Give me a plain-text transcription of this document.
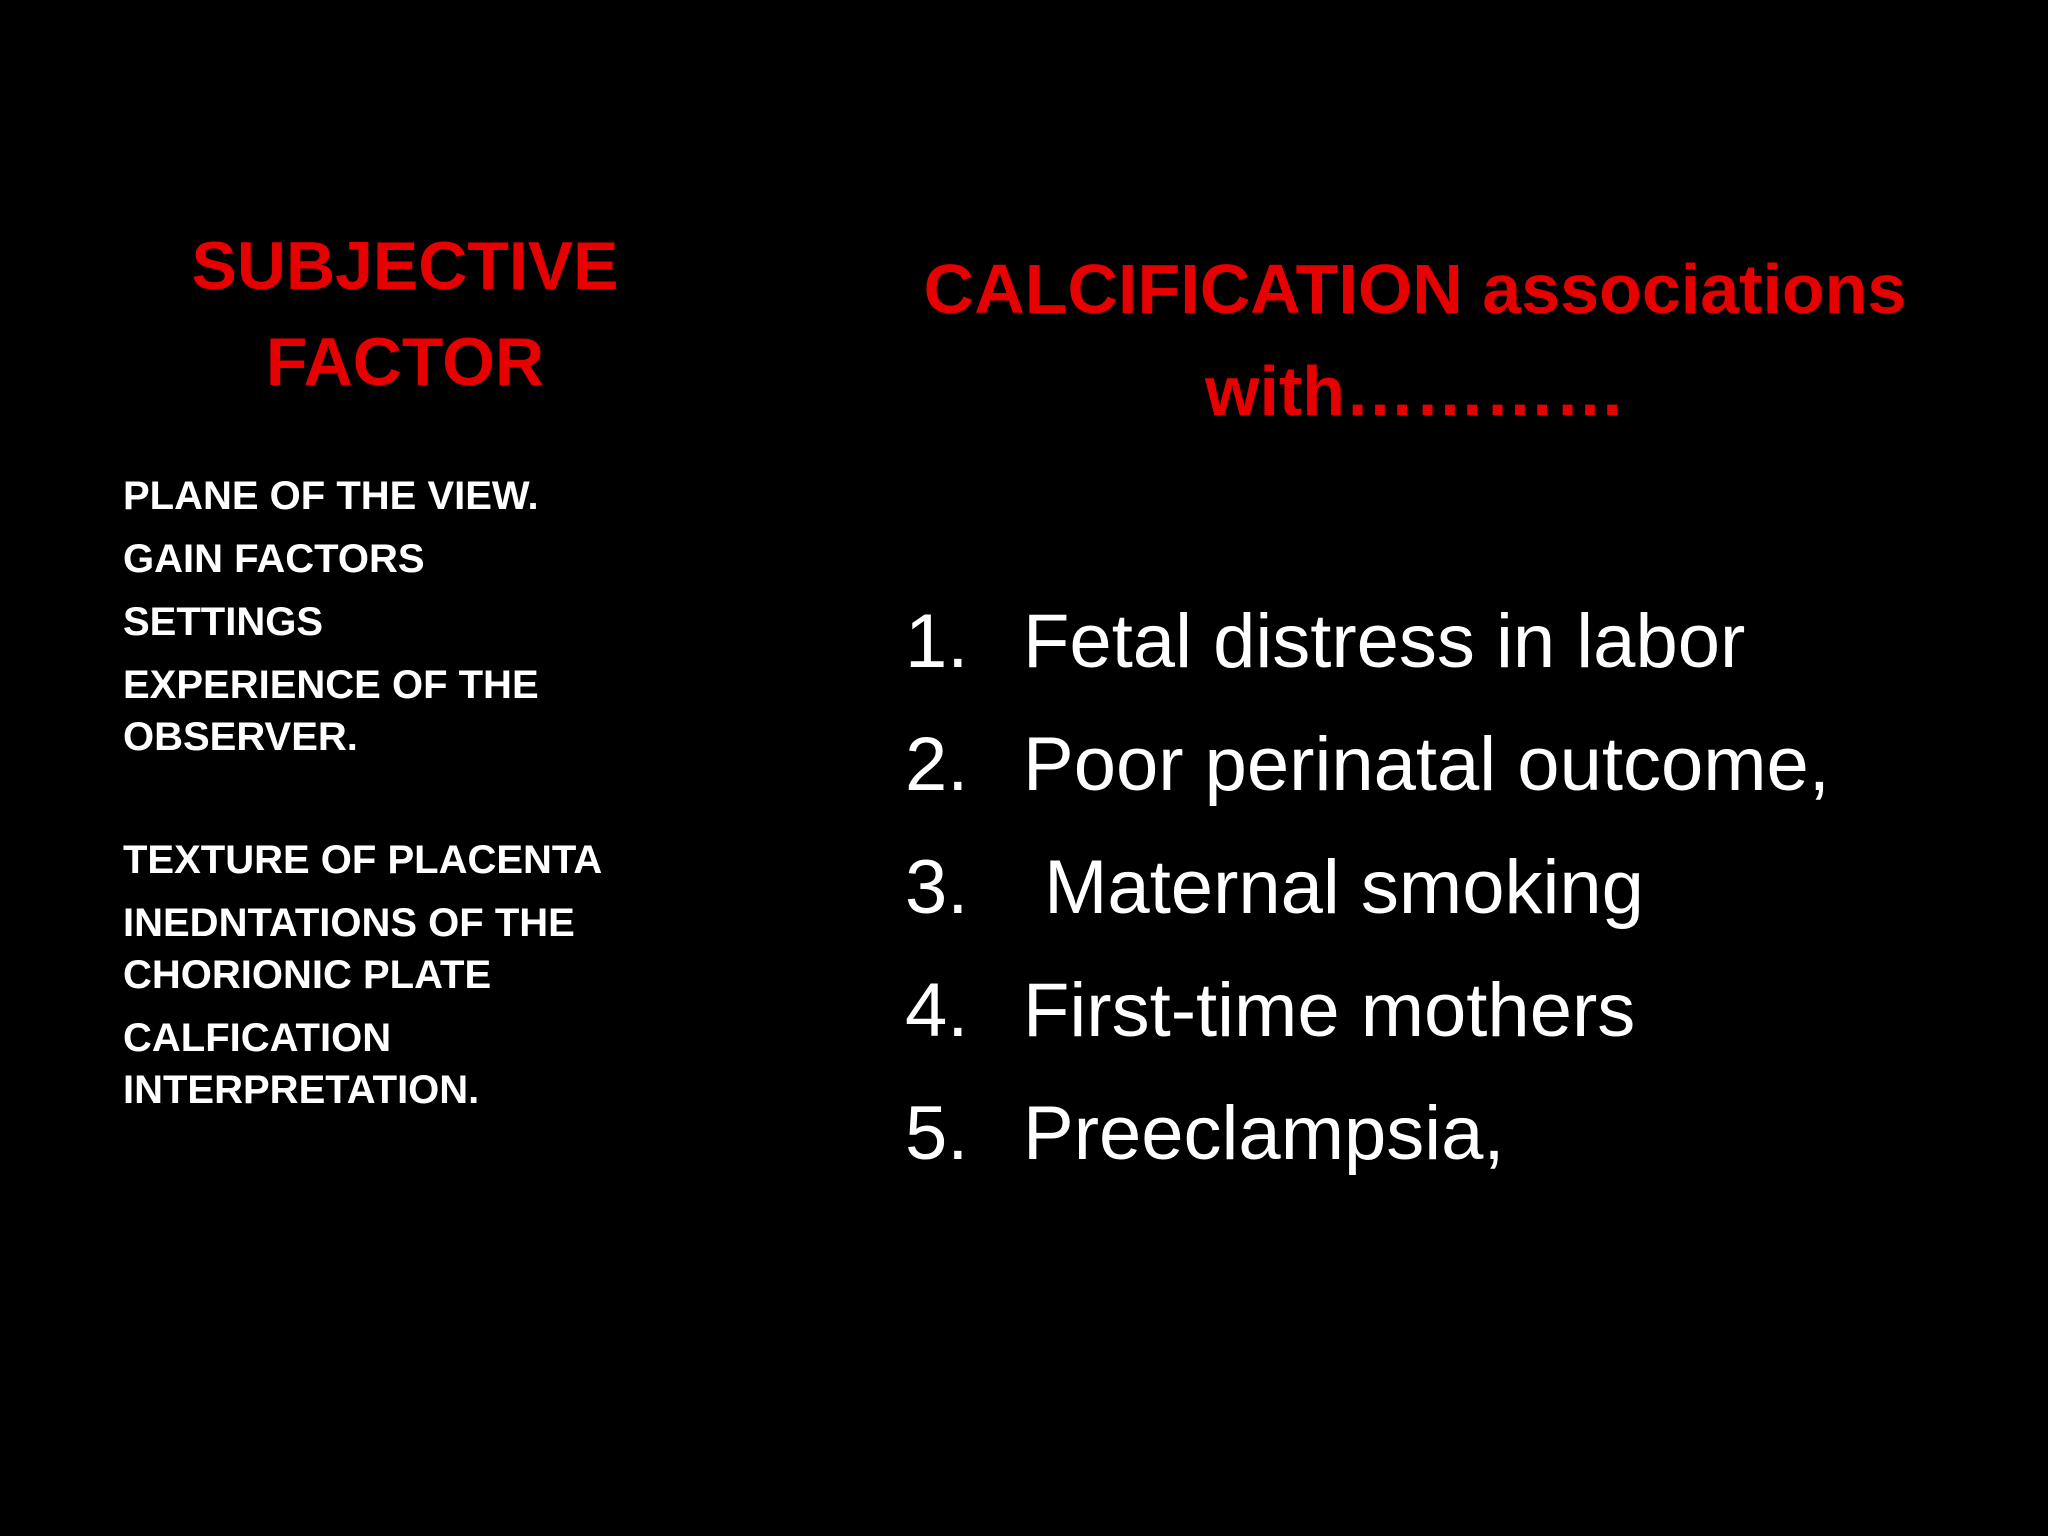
SUBJECTIVE
FACTOR
PLANE OF THE VIEW.
GAIN FACTORS
SETTINGS
EXPERIENCE OF THE
OBSERVER.
TEXTURE OF PLACENTA
INEDNTATIONS OF THE
CHORIONIC PLATE
CALFICATION
INTERPRETATION.
CALCIFICATION associations
with…………
1. Fetal distress in labor
2. Poor perinatal outcome,
3. Maternal smoking
4. First-time mothers
5. Preeclampsia,
